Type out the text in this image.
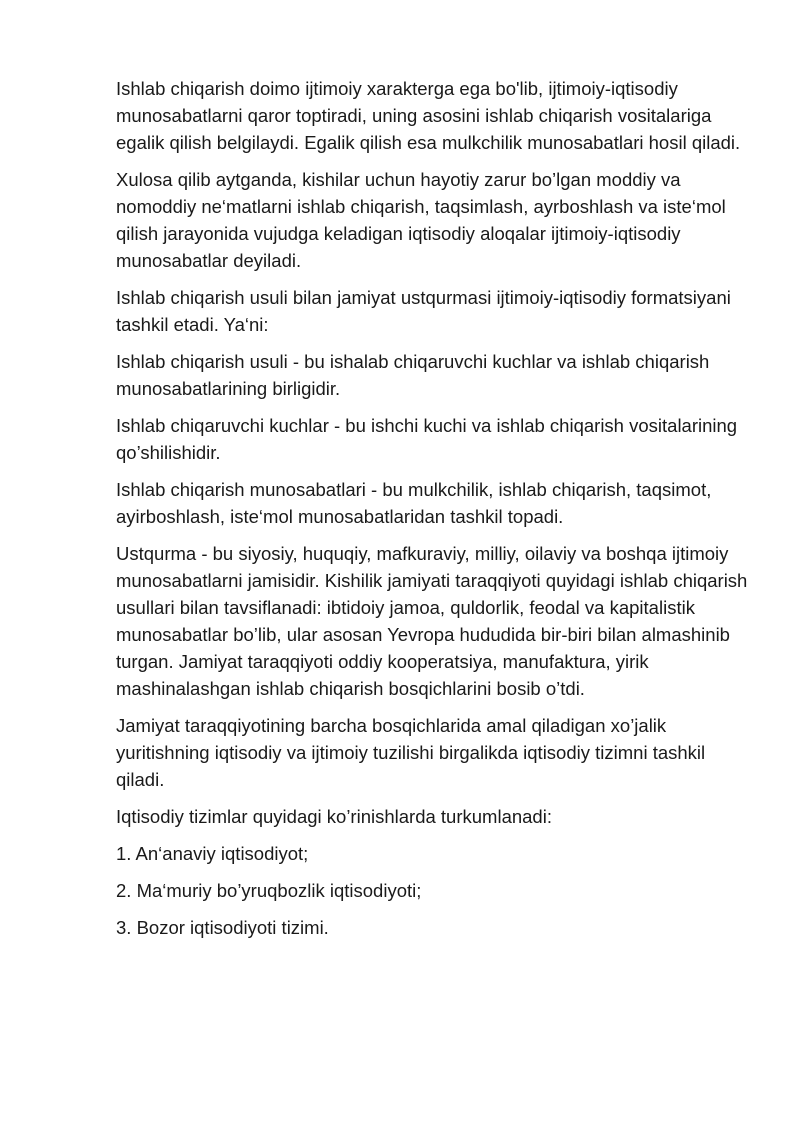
Ishlab chiqarish doimo ijtimoiy xarakterga ega bo'lib, ijtimoiy-iqtisodiy munosabatlarni qaror toptiradi, uning asosini ishlab chiqarish vositalariga egalik qilish belgilaydi. Egalik qilish esa mulkchilik munosabatlari hosil qiladi.

Xulosa qilib aytganda, kishilar uchun hayotiy zarur bo’lgan moddiy va nomoddiy ne‘matlarni ishlab chiqarish, taqsimlash, ayrboshlash va iste‘mol qilish jarayonida vujudga keladigan iqtisodiy aloqalar ijtimoiy-iqtisodiy munosabatlar deyiladi.

Ishlab chiqarish usuli bilan jamiyat ustqurmasi ijtimoiy-iqtisodiy formatsiyani tashkil etadi. Ya‘ni:

Ishlab chiqarish usuli - bu ishalab chiqaruvchi kuchlar va ishlab chiqarish munosabatlarining birligidir.

Ishlab chiqaruvchi kuchlar - bu ishchi kuchi va ishlab chiqarish vositalarining qo’shilishidir.

Ishlab chiqarish munosabatlari - bu mulkchilik, ishlab chiqarish, taqsimot, ayirboshlash, iste‘mol munosabatlaridan tashkil topadi.

Ustqurma - bu siyosiy, huquqiy, mafkuraviy, milliy, oilaviy va boshqa ijtimoiy munosabatlarni jamisidir. Kishilik jamiyati taraqqiyoti quyidagi ishlab chiqarish usullari bilan tavsiflanadi: ibtidoiy jamoa, quldorlik, feodal va kapitalistik munosabatlar bo’lib, ular asosan Yevropa hududida bir-biri bilan almashinib turgan. Jamiyat taraqqiyoti oddiy kooperatsiya, manufaktura, yirik mashinalashgan ishlab chiqarish bosqichlarini bosib o’tdi.

Jamiyat taraqqiyotining barcha bosqichlarida amal qiladigan xo’jalik yuritishning iqtisodiy va ijtimoiy tuzilishi birgalikda iqtisodiy tizimni tashkil qiladi.

Iqtisodiy tizimlar quyidagi ko’rinishlarda turkumlanadi:

1. An‘anaviy iqtisodiyot;

2. Ma‘muriy bo’yruqbozlik iqtisodiyoti;

3. Bozor iqtisodiyoti tizimi.
